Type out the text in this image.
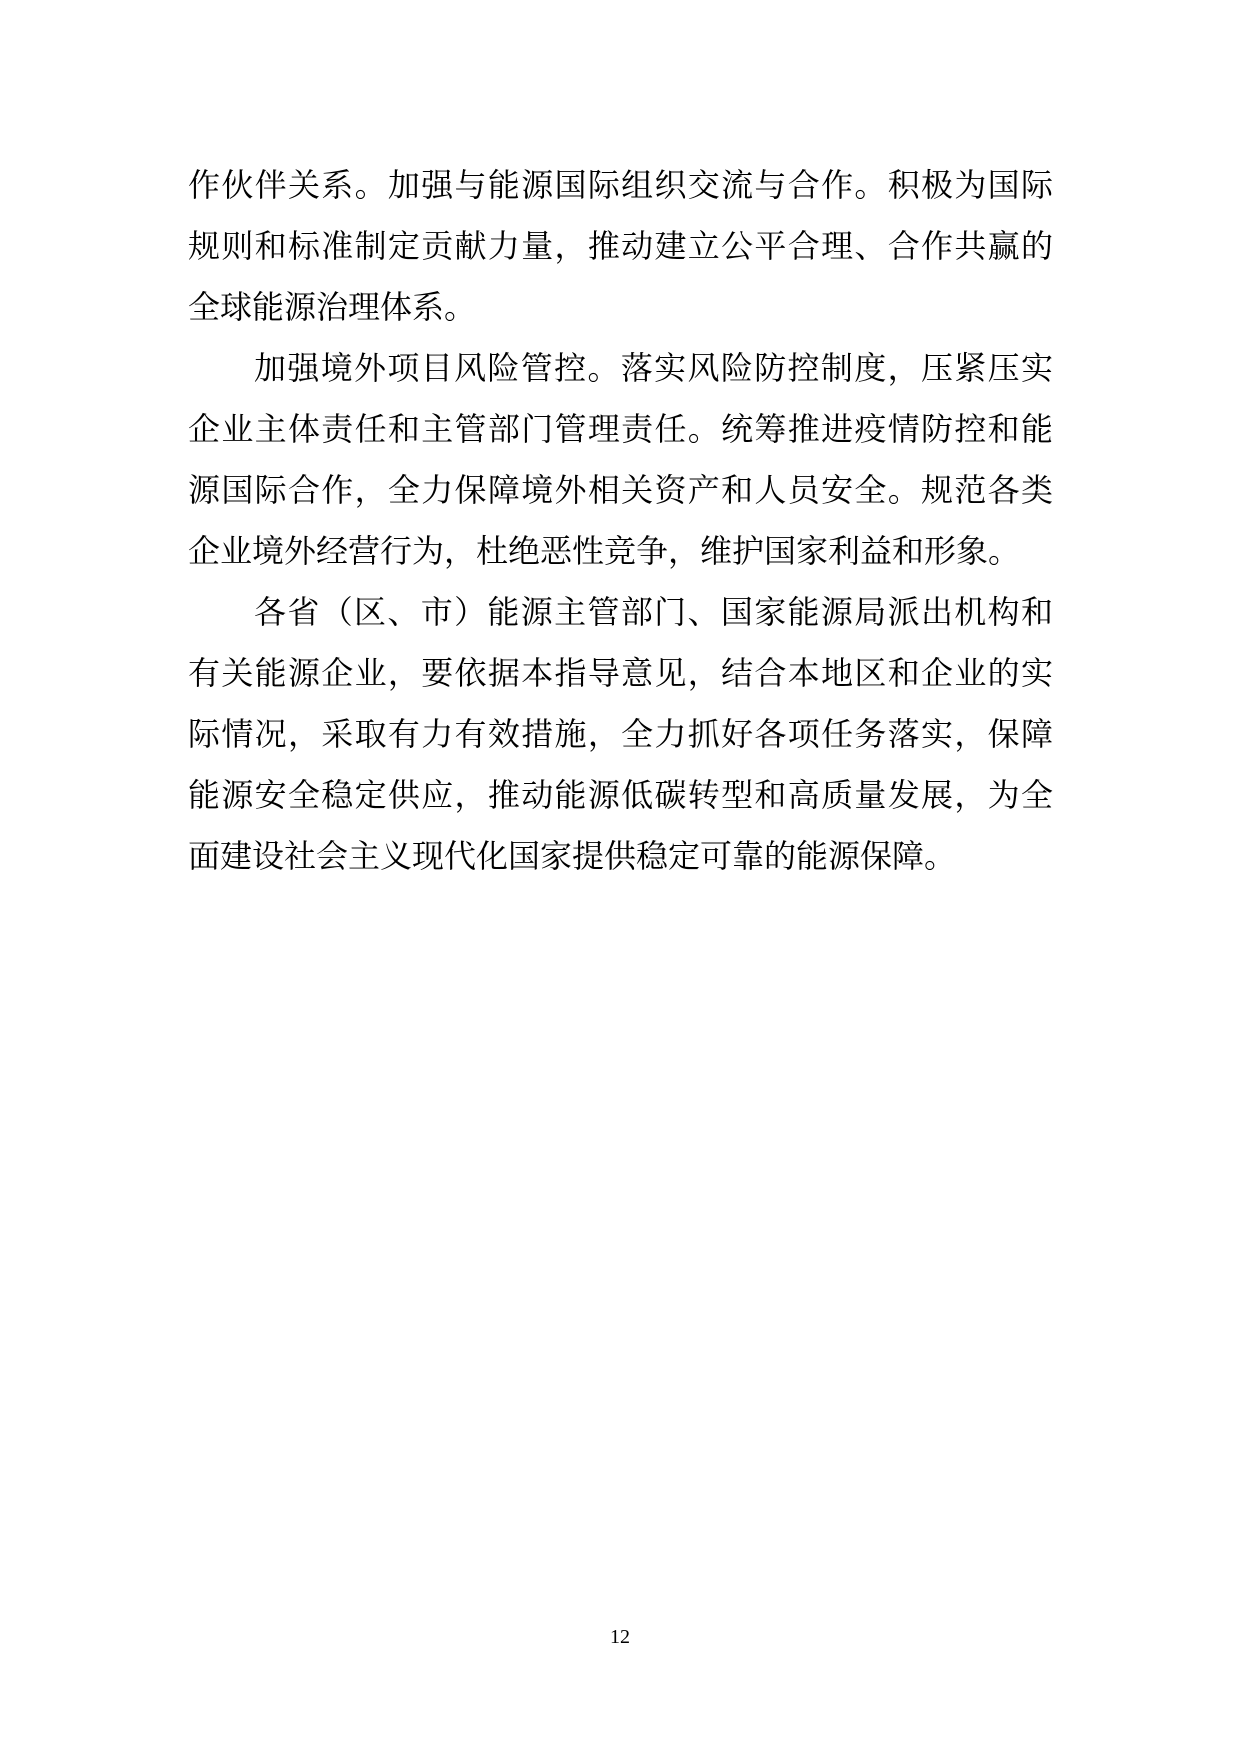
作伙伴关系。加强与能源国际组织交流与合作。积极为国际
规则和标准制定贡献力量，推动建立公平合理、合作共赢的
全球能源治理体系。
加强境外项目风险管控。落实风险防控制度，压紧压实
企业主体责任和主管部门管理责任。统筹推进疫情防控和能
源国际合作，全力保障境外相关资产和人员安全。规范各类
企业境外经营行为，杜绝恶性竞争，维护国家利益和形象。
各省（区、市）能源主管部门、国家能源局派出机构和
有关能源企业，要依据本指导意见，结合本地区和企业的实
际情况，采取有力有效措施，全力抓好各项任务落实，保障
能源安全稳定供应，推动能源低碳转型和高质量发展，为全
面建设社会主义现代化国家提供稳定可靠的能源保障。
12
